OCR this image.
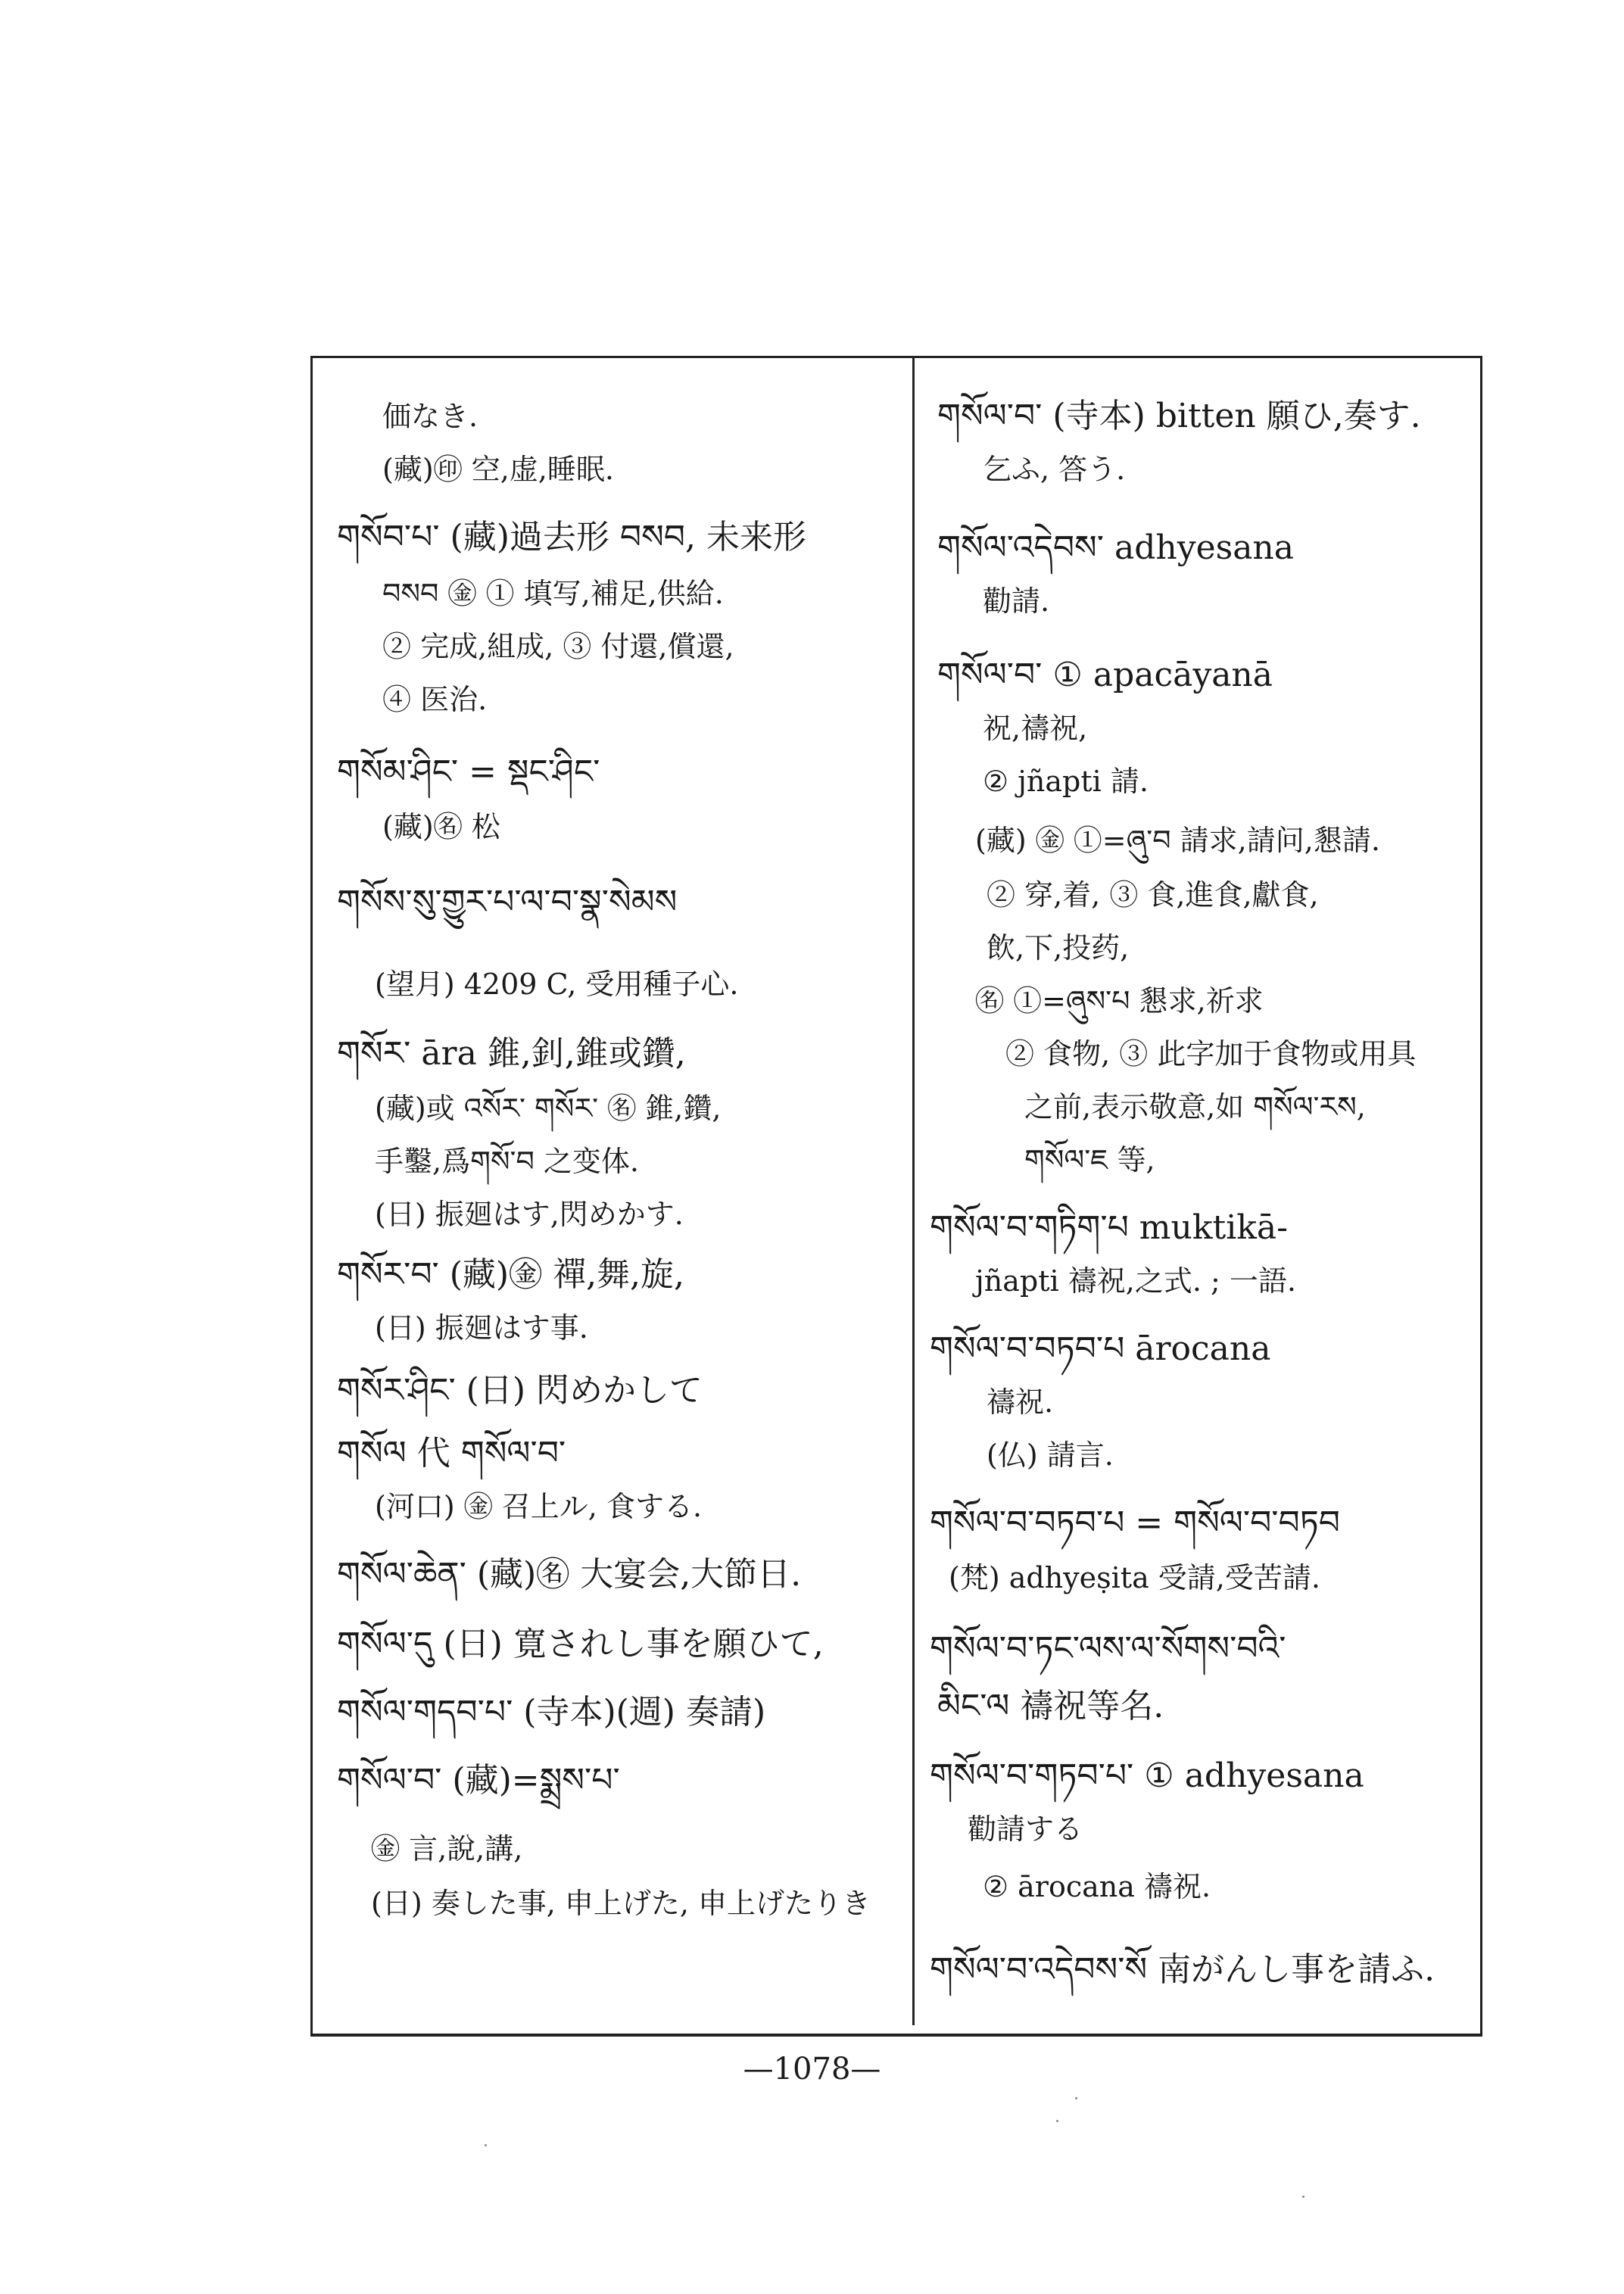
価なき.
(藏)㊞ 空,虚,睡眠.
གསོབ་པ་ (藏)過去形 བསབ, 未来形
བསབ ㊎ ① 填写,補足,供給.
② 完成,組成, ③ 付還,償還,
④ 医治.
གསོམ་ཤིང་ = སྡང་ཤིང་
(藏)㊔ 松
གསོས་སུ་གྱུར་པ་ལ་བ་སྣ་སེམས
(望月) 4209 C, 受用種子心.
གསོར་ āra 錐,釗,錐或鑽,
(藏)或 འསོར་ གསོར་ ㊔ 錐,鑽,
手鑿,爲གསོ་བ 之变体.
(日) 振廻はす,閃めかす.
གསོར་བ་ (藏)㊎ 禪,舞,旋,
(日) 振廻はす事.
གསོར་ཤིང་ (日) 閃めかして
གསོལ 代 གསོལ་བ་
(河口) ㊎ 召上ル, 食する.
གསོལ་ཆེན་ (藏)㊔ 大宴会,大節日.
གསོལ་དུ (日) 寛されし事を願ひて,
གསོལ་གདབ་པ་ (寺本)(週) 奏請)
གསོལ་བ་ (藏)=སྨྲས་པ་
㊎ 言,說,講,
(日) 奏した事, 申上げた, 申上げたりき
གསོལ་བ་ (寺本) bitten 願ひ,奏す.
乞ふ, 答う.
གསོལ་འདེབས་ adhyesana
勸請.
གསོལ་བ་ ① apacāyanā
祝,禱祝,
② jñapti 請.
(藏) ㊎ ①=ཞུ་བ 請求,請问,懇請.
② 穿,着, ③ 食,進食,獻食,
飲,下,投药,
㊔ ①=ཞུས་པ 懇求,祈求
② 食物, ③ 此字加于食物或用具
之前,表示敬意,如 གསོལ་རས,
གསོལ་ཇ 等,
གསོལ་བ་གཏིག་པ muktikā-
jñapti 禱祝,之式. ; 一語.
གསོལ་བ་བཏབ་པ ārocana
禱祝.
(仏) 請言.
གསོལ་བ་བཏབ་པ = གསོལ་བ་བཏབ
(梵) adhyeṣita 受請,受苦請.
གསོལ་བ་ཏང་ལས་ལ་སོགས་བའི་
མིང་ལ 禱祝等名.
གསོལ་བ་གཏབ་པ་ ① adhyesana
勸請する
② ārocana 禱祝.
གསོལ་བ་འདེབས་སོ 南がんし事を請ふ.
—1078—
